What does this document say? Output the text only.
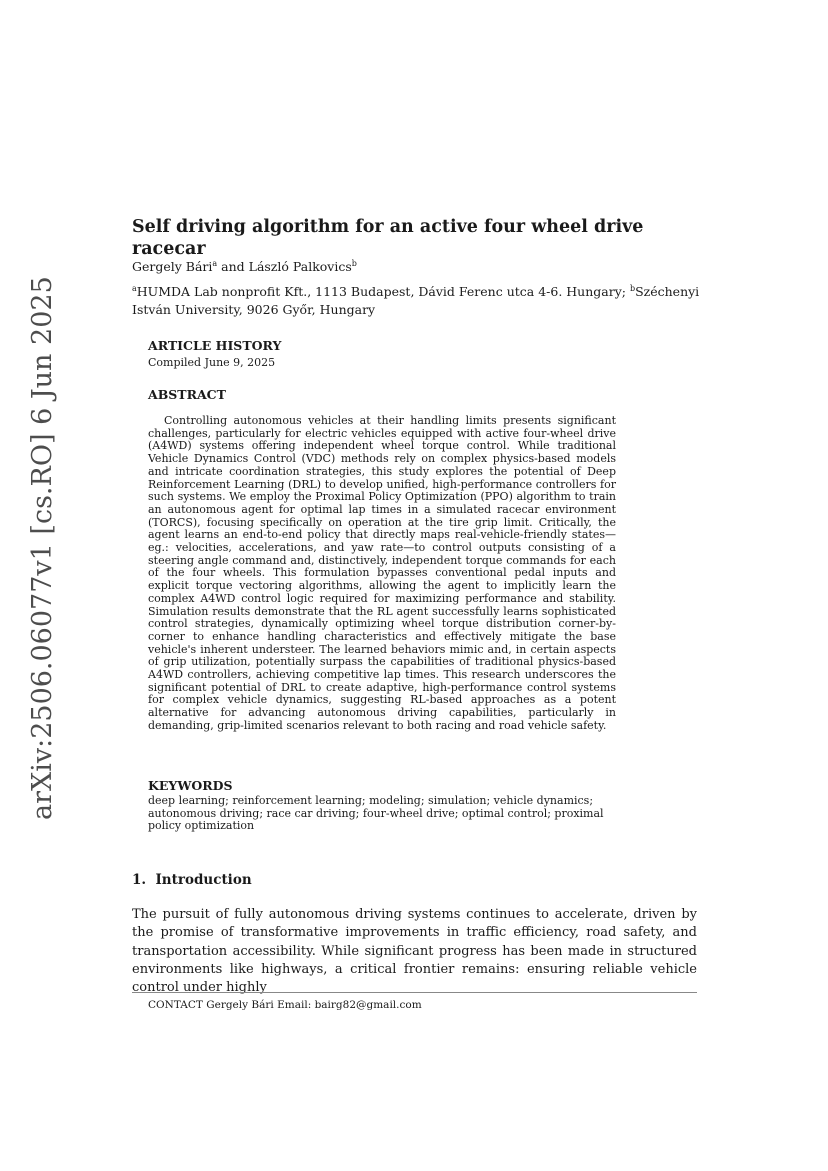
arXiv:2506.06077v1 [cs.RO] 6 Jun 2025
Self driving algorithm for an active four wheel drive racecar
Gergely Bári$^a$ and László Palkovics$^b$
$^a$HUMDA Lab nonprofit Kft., 1113 Budapest, Dávid Ferenc utca 4-6. Hungary; $^b$Széchenyi István University, 9026 Győr, Hungary
ARTICLE HISTORY
Compiled June 9, 2025
ABSTRACT

Controlling autonomous vehicles at their handling limits presents significant challenges, particularly for electric vehicles equipped with active four-wheel drive (A4WD) systems offering independent wheel torque control. While traditional Vehicle Dynamics Control (VDC) methods rely on complex physics-based models and intricate coordination strategies, this study explores the potential of Deep Reinforcement Learning (DRL) to develop unified, high-performance controllers for such systems. We employ the Proximal Policy Optimization (PPO) algorithm to train an autonomous agent for optimal lap times in a simulated racecar environment (TORCS), focusing specifically on operation at the tire grip limit. Critically, the agent learns an end-to-end policy that directly maps real-vehicle-friendly states—eg.: velocities, accelerations, and yaw rate—to control outputs consisting of a steering angle command and, distinctively, independent torque commands for each of the four wheels. This formulation bypasses conventional pedal inputs and explicit torque vectoring algorithms, allowing the agent to implicitly learn the complex A4WD control logic required for maximizing performance and stability. Simulation results demonstrate that the RL agent successfully learns sophisticated control strategies, dynamically optimizing wheel torque distribution corner-by-corner to enhance handling characteristics and effectively mitigate the base vehicle's inherent understeer. The learned behaviors mimic and, in certain aspects of grip utilization, potentially surpass the capabilities of traditional physics-based A4WD controllers, achieving competitive lap times. This research underscores the significant potential of DRL to create adaptive, high-performance control systems for complex vehicle dynamics, suggesting RL-based approaches as a potent alternative for advancing autonomous driving capabilities, particularly in demanding, grip-limited scenarios relevant to both racing and road vehicle safety.

KEYWORDS

deep learning; reinforcement learning; modeling; simulation; vehicle dynamics; autonomous driving; race car driving; four-wheel drive; optimal control; proximal policy optimization

1.  Introduction

The pursuit of fully autonomous driving systems continues to accelerate, driven by the promise of transformative improvements in traffic efficiency, road safety, and transportation accessibility. While significant progress has been made in structured environments like highways, a critical frontier remains: ensuring reliable vehicle control under highly

CONTACT Gergely Bári Email: bairg82@gmail.com
